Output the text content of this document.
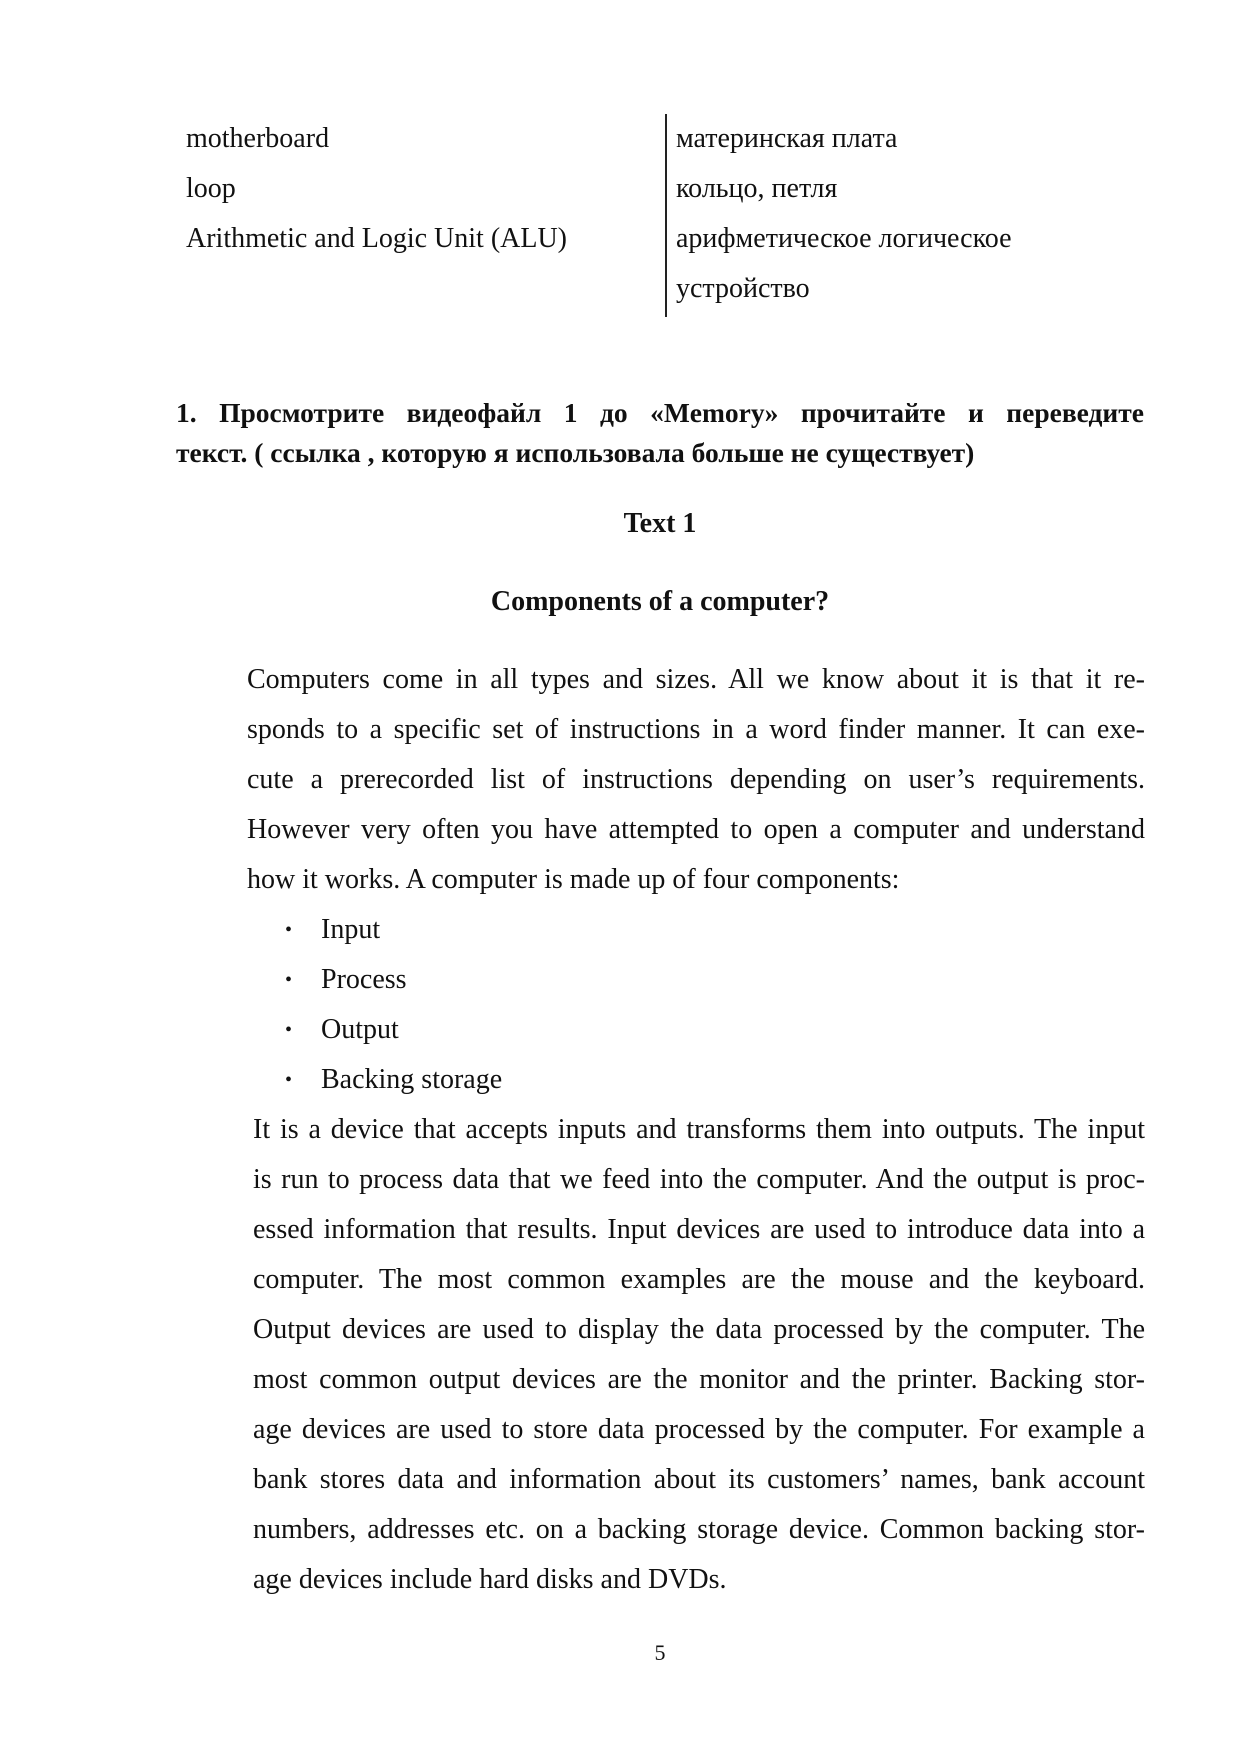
motherboard	материнская плата
loop	кольцо, петля
Arithmetic and Logic Unit (ALU)	арифметическое логическое
устройство
1. Просмотрите видеофайл 1 до «Memory» прочитайте и переведите
текст. ( ссылка , которую я использовала больше не существует)
Text 1
Components of a computer?
Computers come in all types and sizes. All we know about it is that it re-
sponds to a specific set of instructions in a word finder manner. It can exe-
cute a prerecorded list of instructions depending on user’s requirements.
However very often you have attempted to open a computer and understand
how it works. A computer is made up of four components:
•	Input
•	Process
•	Output
•	Backing storage
It is a device that accepts inputs and transforms them into outputs. The input
is run to process data that we feed into the computer. And the output is proc-
essed information that results. Input devices are used to introduce data into a
computer. The most common examples are the mouse and the keyboard.
Output devices are used to display the data processed by the computer. The
most common output devices are the monitor and the printer. Backing stor-
age devices are used to store data processed by the computer. For example a
bank stores data and information about its customers’ names, bank account
numbers, addresses etc. on a backing storage device. Common backing stor-
age devices include hard disks and DVDs.
5
